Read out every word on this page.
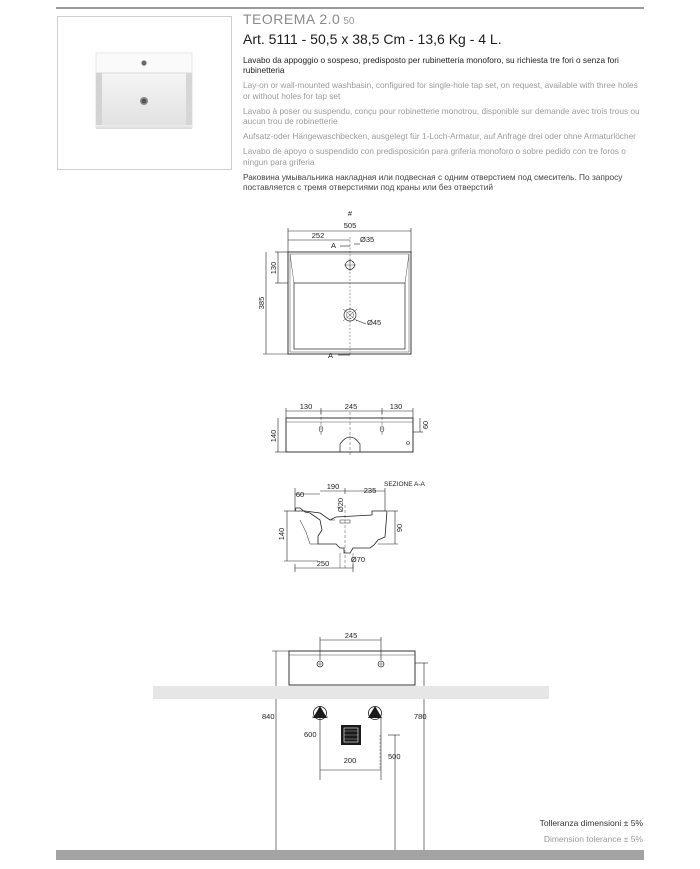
TEOREMA 2.0 50
Art. 5111 - 50,5 x 38,5 Cm - 13,6 Kg - 4 L.
Lavabo da appoggio o sospeso, predisposto per rubinetteria monoforo, su richiesta tre fori o senza fori rubinetteria
Lay-on or wall-mounted washbasin, configured for single-hole tap set, on request, available with three holes or without holes for tap set
Lavabo à poser ou suspendu, conçu pour robinetterie monotrou, disponible sur demande avec trois trous ou aucun trou de robinetterie
Aufsatz-oder Hängewaschbecken, ausgelegt für 1-Loch-Armatur, auf Anfrage drei oder ohne Armaturlöcher
Lavabo de apoyo o suspendido con predisposición para griferia monoforo o sobre pedido con tre foros o ningun para griferia
Раковина умывальника накладная или подвесная с одним отверстием под смеситель. По запросу поставляется с тремя отверстиями под краны или без отверстий
#
505
252	Ø35
A
A
130
385
Ø45
130	245	130
140
60
SEZIONE A-A
60
190	235
Ø20
90
140
250	Ø70
245
840	780
600
500
200
Tolleranza dimensioni ± 5%
Dimension tolerance ± 5%
